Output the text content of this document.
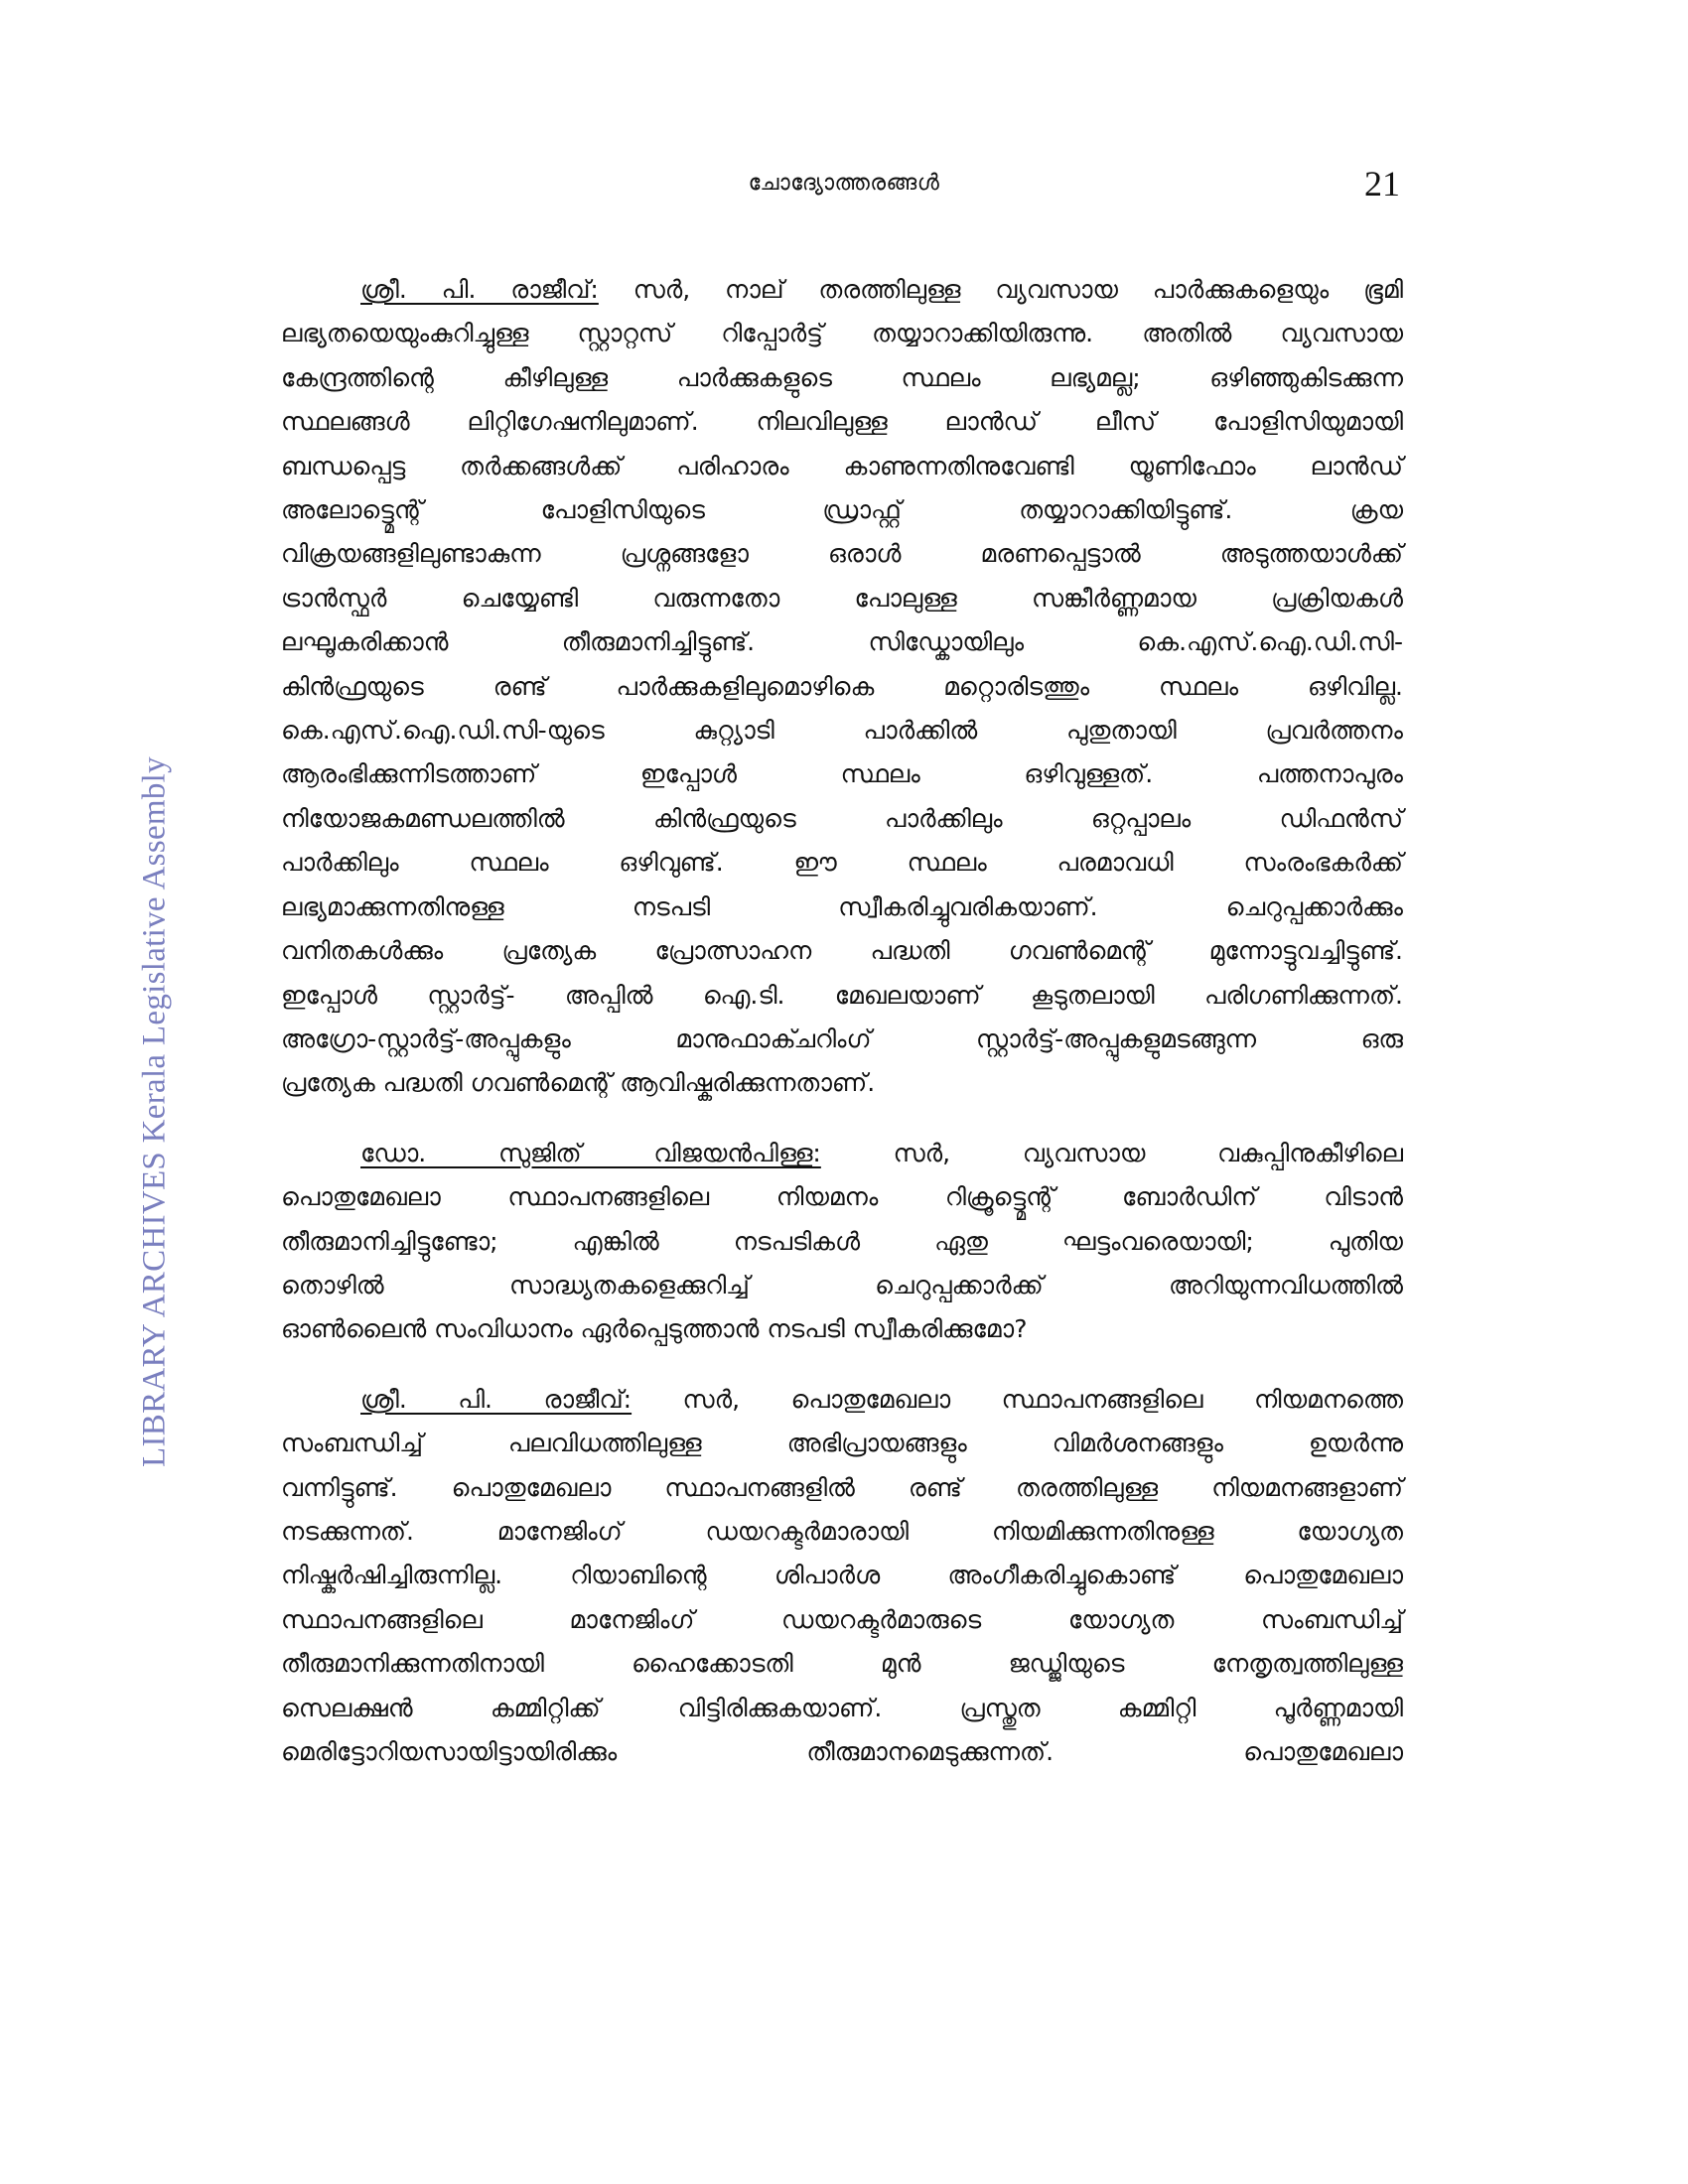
ചോദ്യോത്തരങ്ങൾ	21
LIBRARY ARCHIVES Kerala Legislative Assembly
ശ്രീ. പി. രാജീവ്: സർ, നാല് തരത്തിലുള്ള വ്യവസായ പാർക്കുകളെയും ഭൂമി
ലഭ്യതയെയുംകുറിച്ചുള്ള സ്റ്റാറ്റസ് റിപ്പോർട്ട് തയ്യാറാക്കിയിരുന്നു. അതിൽ വ്യവസായ
കേന്ദ്രത്തിന്റെ കീഴിലുള്ള പാർക്കുകളുടെ സ്ഥലം ലഭ്യമല്ല; ഒഴിഞ്ഞുകിടക്കുന്ന
സ്ഥലങ്ങൾ ലിറ്റിഗേഷനിലുമാണ്. നിലവിലുള്ള ലാൻഡ് ലീസ് പോളിസിയുമായി
ബന്ധപ്പെട്ട തർക്കങ്ങൾക്ക് പരിഹാരം കാണുന്നതിനുവേണ്ടി യൂണിഫോം ലാൻഡ്
അലോട്ട്മെന്റ് പോളിസിയുടെ ഡ്രാഫ്റ്റ് തയ്യാറാക്കിയിട്ടുണ്ട്. ക്രയ
വിക്രയങ്ങളിലുണ്ടാകുന്ന പ്രശ്നങ്ങളോ ഒരാൾ മരണപ്പെട്ടാൽ അടുത്തയാൾക്ക്
ട്രാൻസ്ഫർ ചെയ്യേണ്ടി വരുന്നതോ പോലുള്ള സങ്കീർണ്ണമായ പ്രക്രിയകൾ
ലഘൂകരിക്കാൻ തീരുമാനിച്ചിട്ടുണ്ട്. സിഡ്കോയിലും കെ.എസ്.ഐ.ഡി.സി-
കിൻഫ്രയുടെ രണ്ട് പാർക്കുകളിലുമൊഴികെ മറ്റൊരിടത്തും സ്ഥലം ഒഴിവില്ല.
കെ.എസ്.ഐ.ഡി.സി-യുടെ കുറ്റ്യാടി പാർക്കിൽ പുതുതായി പ്രവർത്തനം
ആരംഭിക്കുന്നിടത്താണ് ഇപ്പോൾ സ്ഥലം ഒഴിവുള്ളത്. പത്തനാപുരം
നിയോജകമണ്ഡലത്തിൽ കിൻഫ്രയുടെ പാർക്കിലും ഒറ്റപ്പാലം ഡിഫൻസ്
പാർക്കിലും സ്ഥലം ഒഴിവുണ്ട്. ഈ സ്ഥലം പരമാവധി സംരംഭകർക്ക്
ലഭ്യമാക്കുന്നതിനുള്ള നടപടി സ്വീകരിച്ചുവരികയാണ്. ചെറുപ്പക്കാർക്കും
വനിതകൾക്കും പ്രത്യേക പ്രോത്സാഹന പദ്ധതി ഗവൺമെന്റ് മുന്നോട്ടുവച്ചിട്ടുണ്ട്.
ഇപ്പോൾ സ്റ്റാർട്ട്- അപ്പിൽ ഐ.ടി. മേഖലയാണ് കൂടുതലായി പരിഗണിക്കുന്നത്.
അഗ്രോ-സ്റ്റാർട്ട്-അപ്പുകളും മാനുഫാക്ചറിംഗ് സ്റ്റാർട്ട്-അപ്പുകളുമടങ്ങുന്ന ഒരു
പ്രത്യേക പദ്ധതി ഗവൺമെന്റ് ആവിഷ്കരിക്കുന്നതാണ്.
ഡോ. സുജിത് വിജയൻപിള്ള: സർ, വ്യവസായ വകുപ്പിനുകീഴിലെ
പൊതുമേഖലാ സ്ഥാപനങ്ങളിലെ നിയമനം റിക്രൂട്ട്മെന്റ് ബോർഡിന് വിടാൻ
തീരുമാനിച്ചിട്ടുണ്ടോ; എങ്കിൽ നടപടികൾ ഏതു ഘട്ടംവരെയായി; പുതിയ
തൊഴിൽ സാദ്ധ്യതകളെക്കുറിച്ച് ചെറുപ്പക്കാർക്ക് അറിയുന്നവിധത്തിൽ
ഓൺലൈൻ സംവിധാനം ഏർപ്പെടുത്താൻ നടപടി സ്വീകരിക്കുമോ?
ശ്രീ. പി. രാജീവ്: സർ, പൊതുമേഖലാ സ്ഥാപനങ്ങളിലെ നിയമനത്തെ
സംബന്ധിച്ച് പലവിധത്തിലുള്ള അഭിപ്രായങ്ങളും വിമർശനങ്ങളും ഉയർന്നു
വന്നിട്ടുണ്ട്. പൊതുമേഖലാ സ്ഥാപനങ്ങളിൽ രണ്ട് തരത്തിലുള്ള നിയമനങ്ങളാണ്
നടക്കുന്നത്. മാനേജിംഗ് ഡയറക്ടർമാരായി നിയമിക്കുന്നതിനുള്ള യോഗ്യത
നിഷ്കർഷിച്ചിരുന്നില്ല. റിയാബിന്റെ ശിപാർശ അംഗീകരിച്ചുകൊണ്ട് പൊതുമേഖലാ
സ്ഥാപനങ്ങളിലെ മാനേജിംഗ് ഡയറക്ടർമാരുടെ യോഗ്യത സംബന്ധിച്ച്
തീരുമാനിക്കുന്നതിനായി ഹൈക്കോടതി മുൻ ജഡ്ജിയുടെ നേതൃത്വത്തിലുള്ള
സെലക്ഷൻ കമ്മിറ്റിക്ക് വിട്ടിരിക്കുകയാണ്. പ്രസ്തുത കമ്മിറ്റി പൂർണ്ണമായി
മെരിട്ടോറിയസായിട്ടായിരിക്കും തീരുമാനമെടുക്കുന്നത്. പൊതുമേഖലാ
